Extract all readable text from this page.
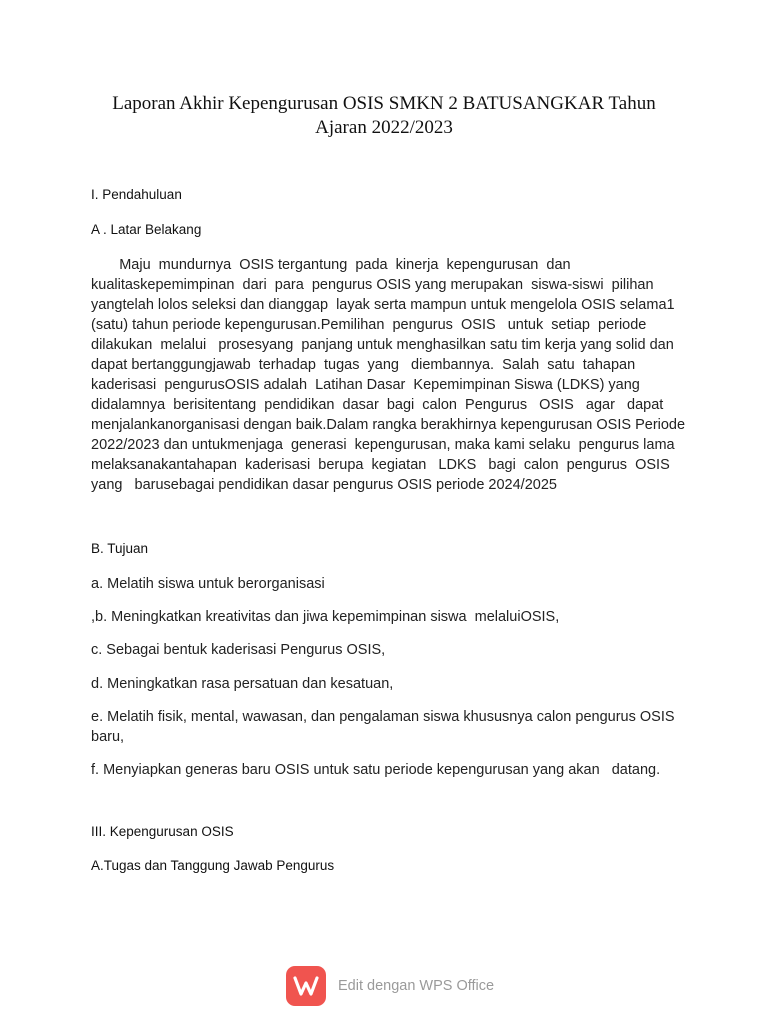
Laporan Akhir Kepengurusan OSIS SMKN 2 BATUSANGKAR Tahun
Ajaran 2022/2023

I. Pendahuluan

A . Latar Belakang

Maju  mundurnya  OSIS tergantung  pada  kinerja  kepengurusan  dan
kualitaskepemimpinan  dari  para  pengurus OSIS yang merupakan  siswa-siswi  pilihan
yangtelah lolos seleksi dan dianggap  layak serta mampun untuk mengelola OSIS selama1
(satu) tahun periode kepengurusan.Pemilihan  pengurus  OSIS   untuk  setiap  periode
dilakukan  melalui   prosesyang  panjang untuk menghasilkan satu tim kerja yang solid dan
dapat bertanggungjawab  terhadap  tugas  yang   diembannya.  Salah  satu  tahapan
kaderisasi  pengurusOSIS adalah  Latihan Dasar  Kepemimpinan Siswa (LDKS) yang
didalamnya  berisitentang  pendidikan  dasar  bagi  calon  Pengurus   OSIS   agar   dapat
menjalankanorganisasi dengan baik.Dalam rangka berakhirnya kepengurusan OSIS Periode
2022/2023 dan untukmenjaga  generasi  kepengurusan, maka kami selaku  pengurus lama
melaksanakantahapan  kaderisasi  berupa  kegiatan   LDKS   bagi  calon  pengurus  OSIS
yang   barusebagai pendidikan dasar pengurus OSIS periode 2024/2025

B. Tujuan

a. Melatih siswa untuk berorganisasi
,b. Meningkatkan kreativitas dan jiwa kepemimpinan siswa  melaluiOSIS,
c. Sebagai bentuk kaderisasi Pengurus OSIS,
d. Meningkatkan rasa persatuan dan kesatuan,
e. Melatih fisik, mental, wawasan, dan pengalaman siswa khususnya calon pengurus OSIS
baru,
f. Menyiapkan generas baru OSIS untuk satu periode kepengurusan yang akan   datang.

III. Kepengurusan OSIS

A.Tugas dan Tanggung Jawab Pengurus

Edit dengan WPS Office
